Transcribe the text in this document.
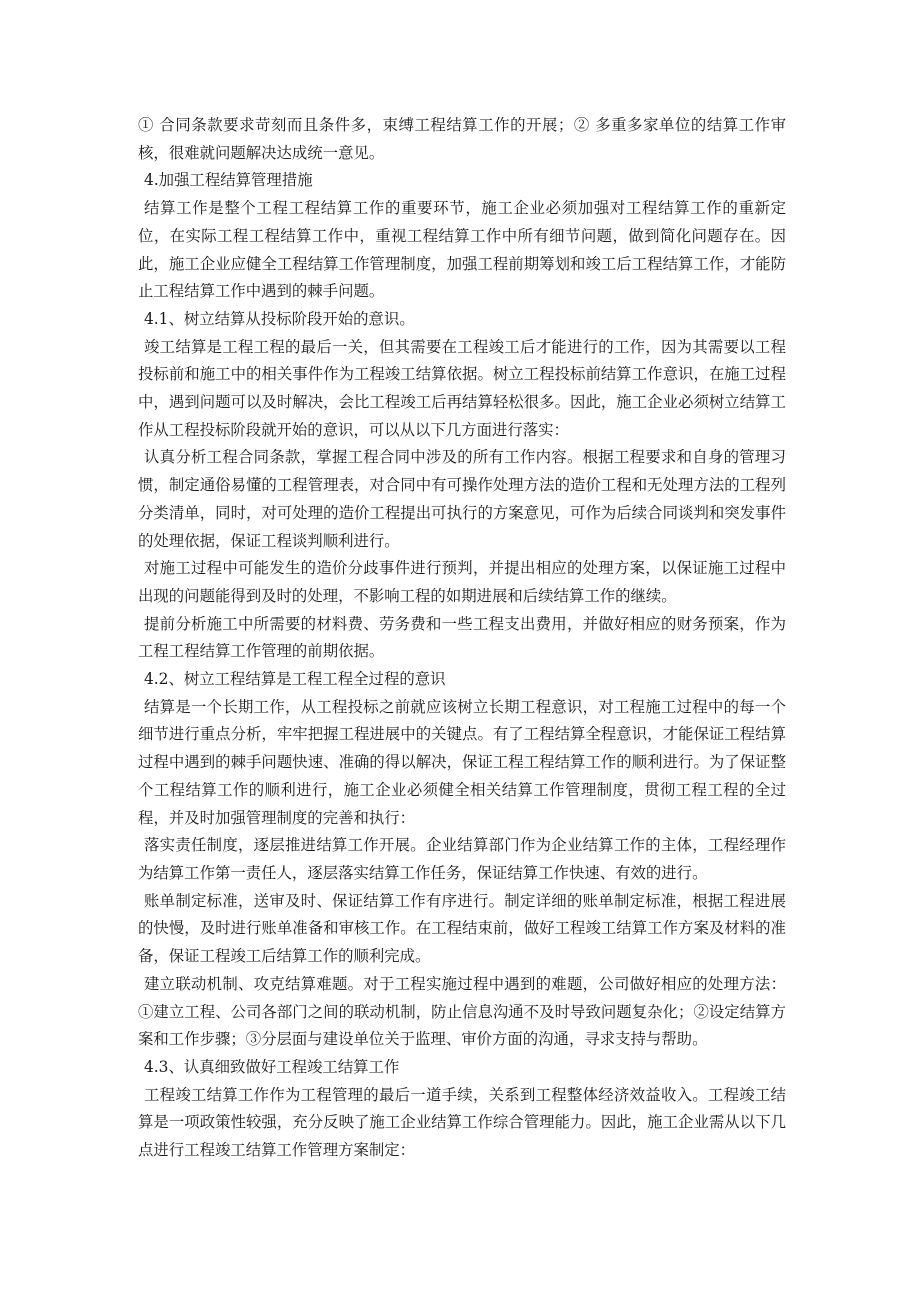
① 合同条款要求苛刻而且条件多，束缚工程结算工作的开展；② 多重多家单位的结算工作审核，很难就问题解决达成统一意见。

4.加强工程结算管理措施

结算工作是整个工程工程结算工作的重要环节，施工企业必须加强对工程结算工作的重新定位，在实际工程工程结算工作中，重视工程结算工作中所有细节问题，做到简化问题存在。因此，施工企业应健全工程结算工作管理制度，加强工程前期筹划和竣工后工程结算工作，才能防止工程结算工作中遇到的棘手问题。

4.1、树立结算从投标阶段开始的意识。

竣工结算是工程工程的最后一关，但其需要在工程竣工后才能进行的工作，因为其需要以工程投标前和施工中的相关事件作为工程竣工结算依据。树立工程投标前结算工作意识，在施工过程中，遇到问题可以及时解决，会比工程竣工后再结算轻松很多。因此，施工企业必须树立结算工作从工程投标阶段就开始的意识，可以从以下几方面进行落实：

认真分析工程合同条款，掌握工程合同中涉及的所有工作内容。根据工程要求和自身的管理习惯，制定通俗易懂的工程管理表，对合同中有可操作处理方法的造价工程和无处理方法的工程列分类清单，同时，对可处理的造价工程提出可执行的方案意见，可作为后续合同谈判和突发事件的处理依据，保证工程谈判顺利进行。

对施工过程中可能发生的造价分歧事件进行预判，并提出相应的处理方案，以保证施工过程中出现的问题能得到及时的处理，不影响工程的如期进展和后续结算工作的继续。

提前分析施工中所需要的材料费、劳务费和一些工程支出费用，并做好相应的财务预案，作为工程工程结算工作管理的前期依据。

4.2、树立工程结算是工程工程全过程的意识

结算是一个长期工作，从工程投标之前就应该树立长期工程意识，对工程施工过程中的每一个细节进行重点分析，牢牢把握工程进展中的关键点。有了工程结算全程意识，才能保证工程结算过程中遇到的棘手问题快速、准确的得以解决，保证工程工程结算工作的顺利进行。为了保证整个工程结算工作的顺利进行，施工企业必须健全相关结算工作管理制度，贯彻工程工程的全过程，并及时加强管理制度的完善和执行：

落实责任制度，逐层推进结算工作开展。企业结算部门作为企业结算工作的主体，工程经理作为结算工作第一责任人，逐层落实结算工作任务，保证结算工作快速、有效的进行。

账单制定标准，送审及时、保证结算工作有序进行。制定详细的账单制定标准，根据工程进展的快慢，及时进行账单准备和审核工作。在工程结束前，做好工程竣工结算工作方案及材料的准备，保证工程竣工后结算工作的顺利完成。

建立联动机制、攻克结算难题。对于工程实施过程中遇到的难题，公司做好相应的处理方法：①建立工程、公司各部门之间的联动机制，防止信息沟通不及时导致问题复杂化；②设定结算方案和工作步骤；③分层面与建设单位关于监理、审价方面的沟通，寻求支持与帮助。

4.3、认真细致做好工程竣工结算工作

工程竣工结算工作作为工程管理的最后一道手续，关系到工程整体经济效益收入。工程竣工结算是一项政策性较强，充分反映了施工企业结算工作综合管理能力。因此，施工企业需从以下几点进行工程竣工结算工作管理方案制定：
